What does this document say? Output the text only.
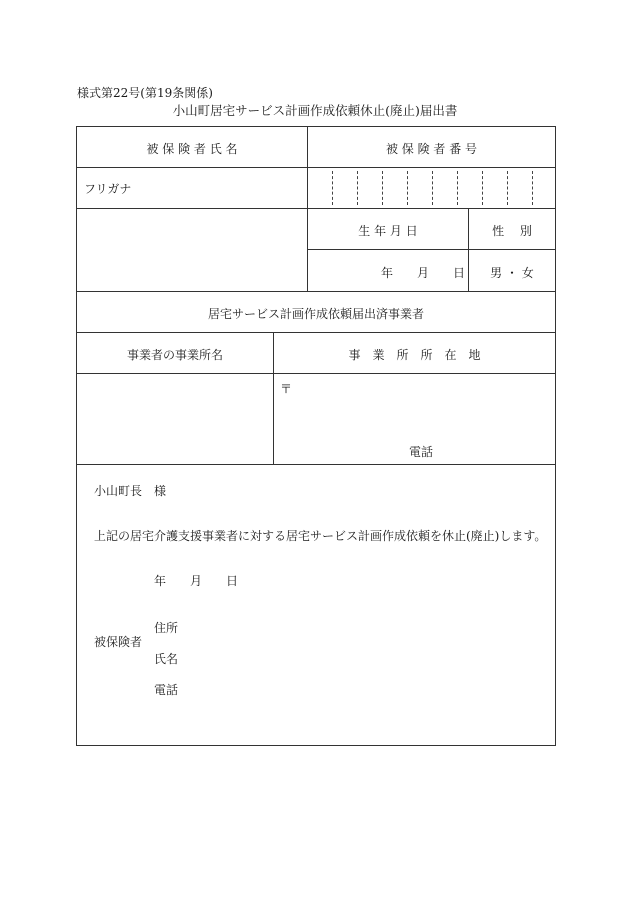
様式第22号(第19条関係)
小山町居宅サービス計画作成依頼休止(廃止)届出書
被 保 険 者 氏 名	被 保 険 者 番 号
フリガナ
生 年 月 日	性　 別
年　　月　　日	男 ・ 女
居宅サービス計画作成依頼届出済事業者
事業者の事業所名	事　業　所　所　在　地
〒
電話
小山町長　様
上記の居宅介護支援事業者に対する居宅サービス計画作成依頼を休止(廃止)します。
年　　月　　日
被保険者
住所
氏名
電話
